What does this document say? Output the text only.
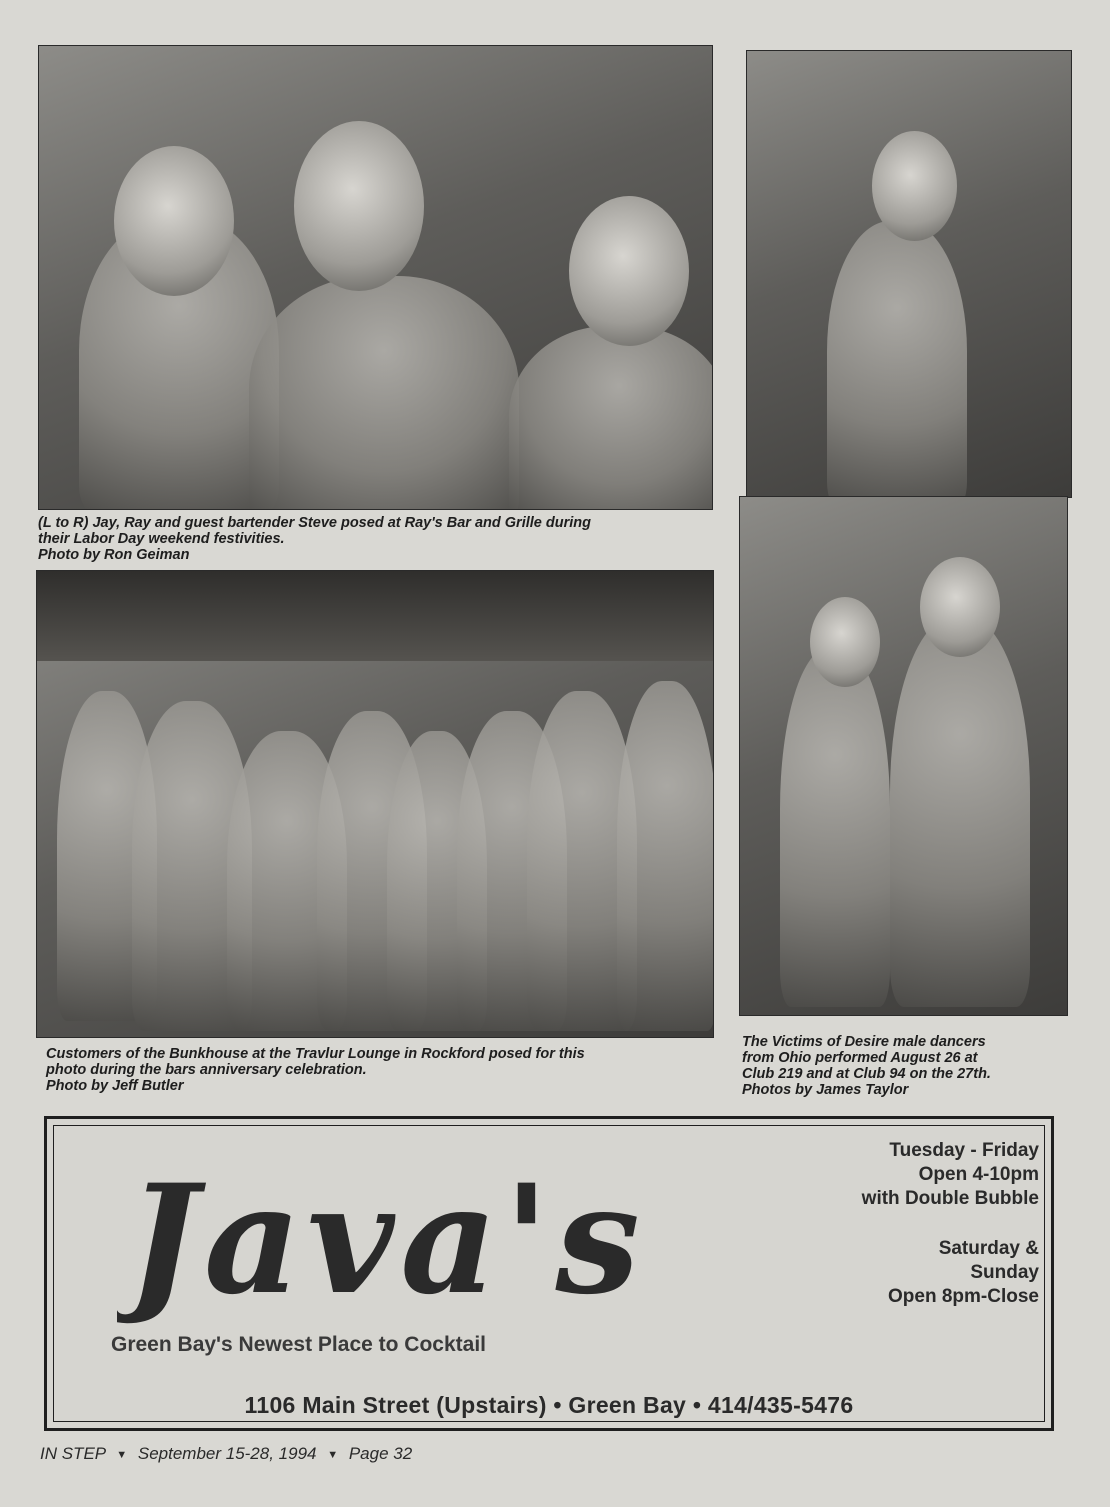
(L to R) Jay, Ray and guest bartender Steve posed at Ray's Bar and Grille during
their Labor Day weekend festivities.
Photo by Ron Geiman
The Victims of Desire male dancers
from Ohio performed August 26 at
Club 219 and at Club 94 on the 27th.
Photos by James Taylor
Customers of the Bunkhouse at the Travlur Lounge in Rockford posed for this
photo during the bars anniversary celebration.
Photo by Jeff Butler
Java's
Green Bay's Newest Place to Cocktail
Tuesday - Friday
Open 4-10pm
with Double Bubble
Saturday &
Sunday
Open 8pm-Close
1106 Main Street (Upstairs) • Green Bay • 414/435-5476
IN STEP ▼ September 15-28, 1994 ▼ Page 32
